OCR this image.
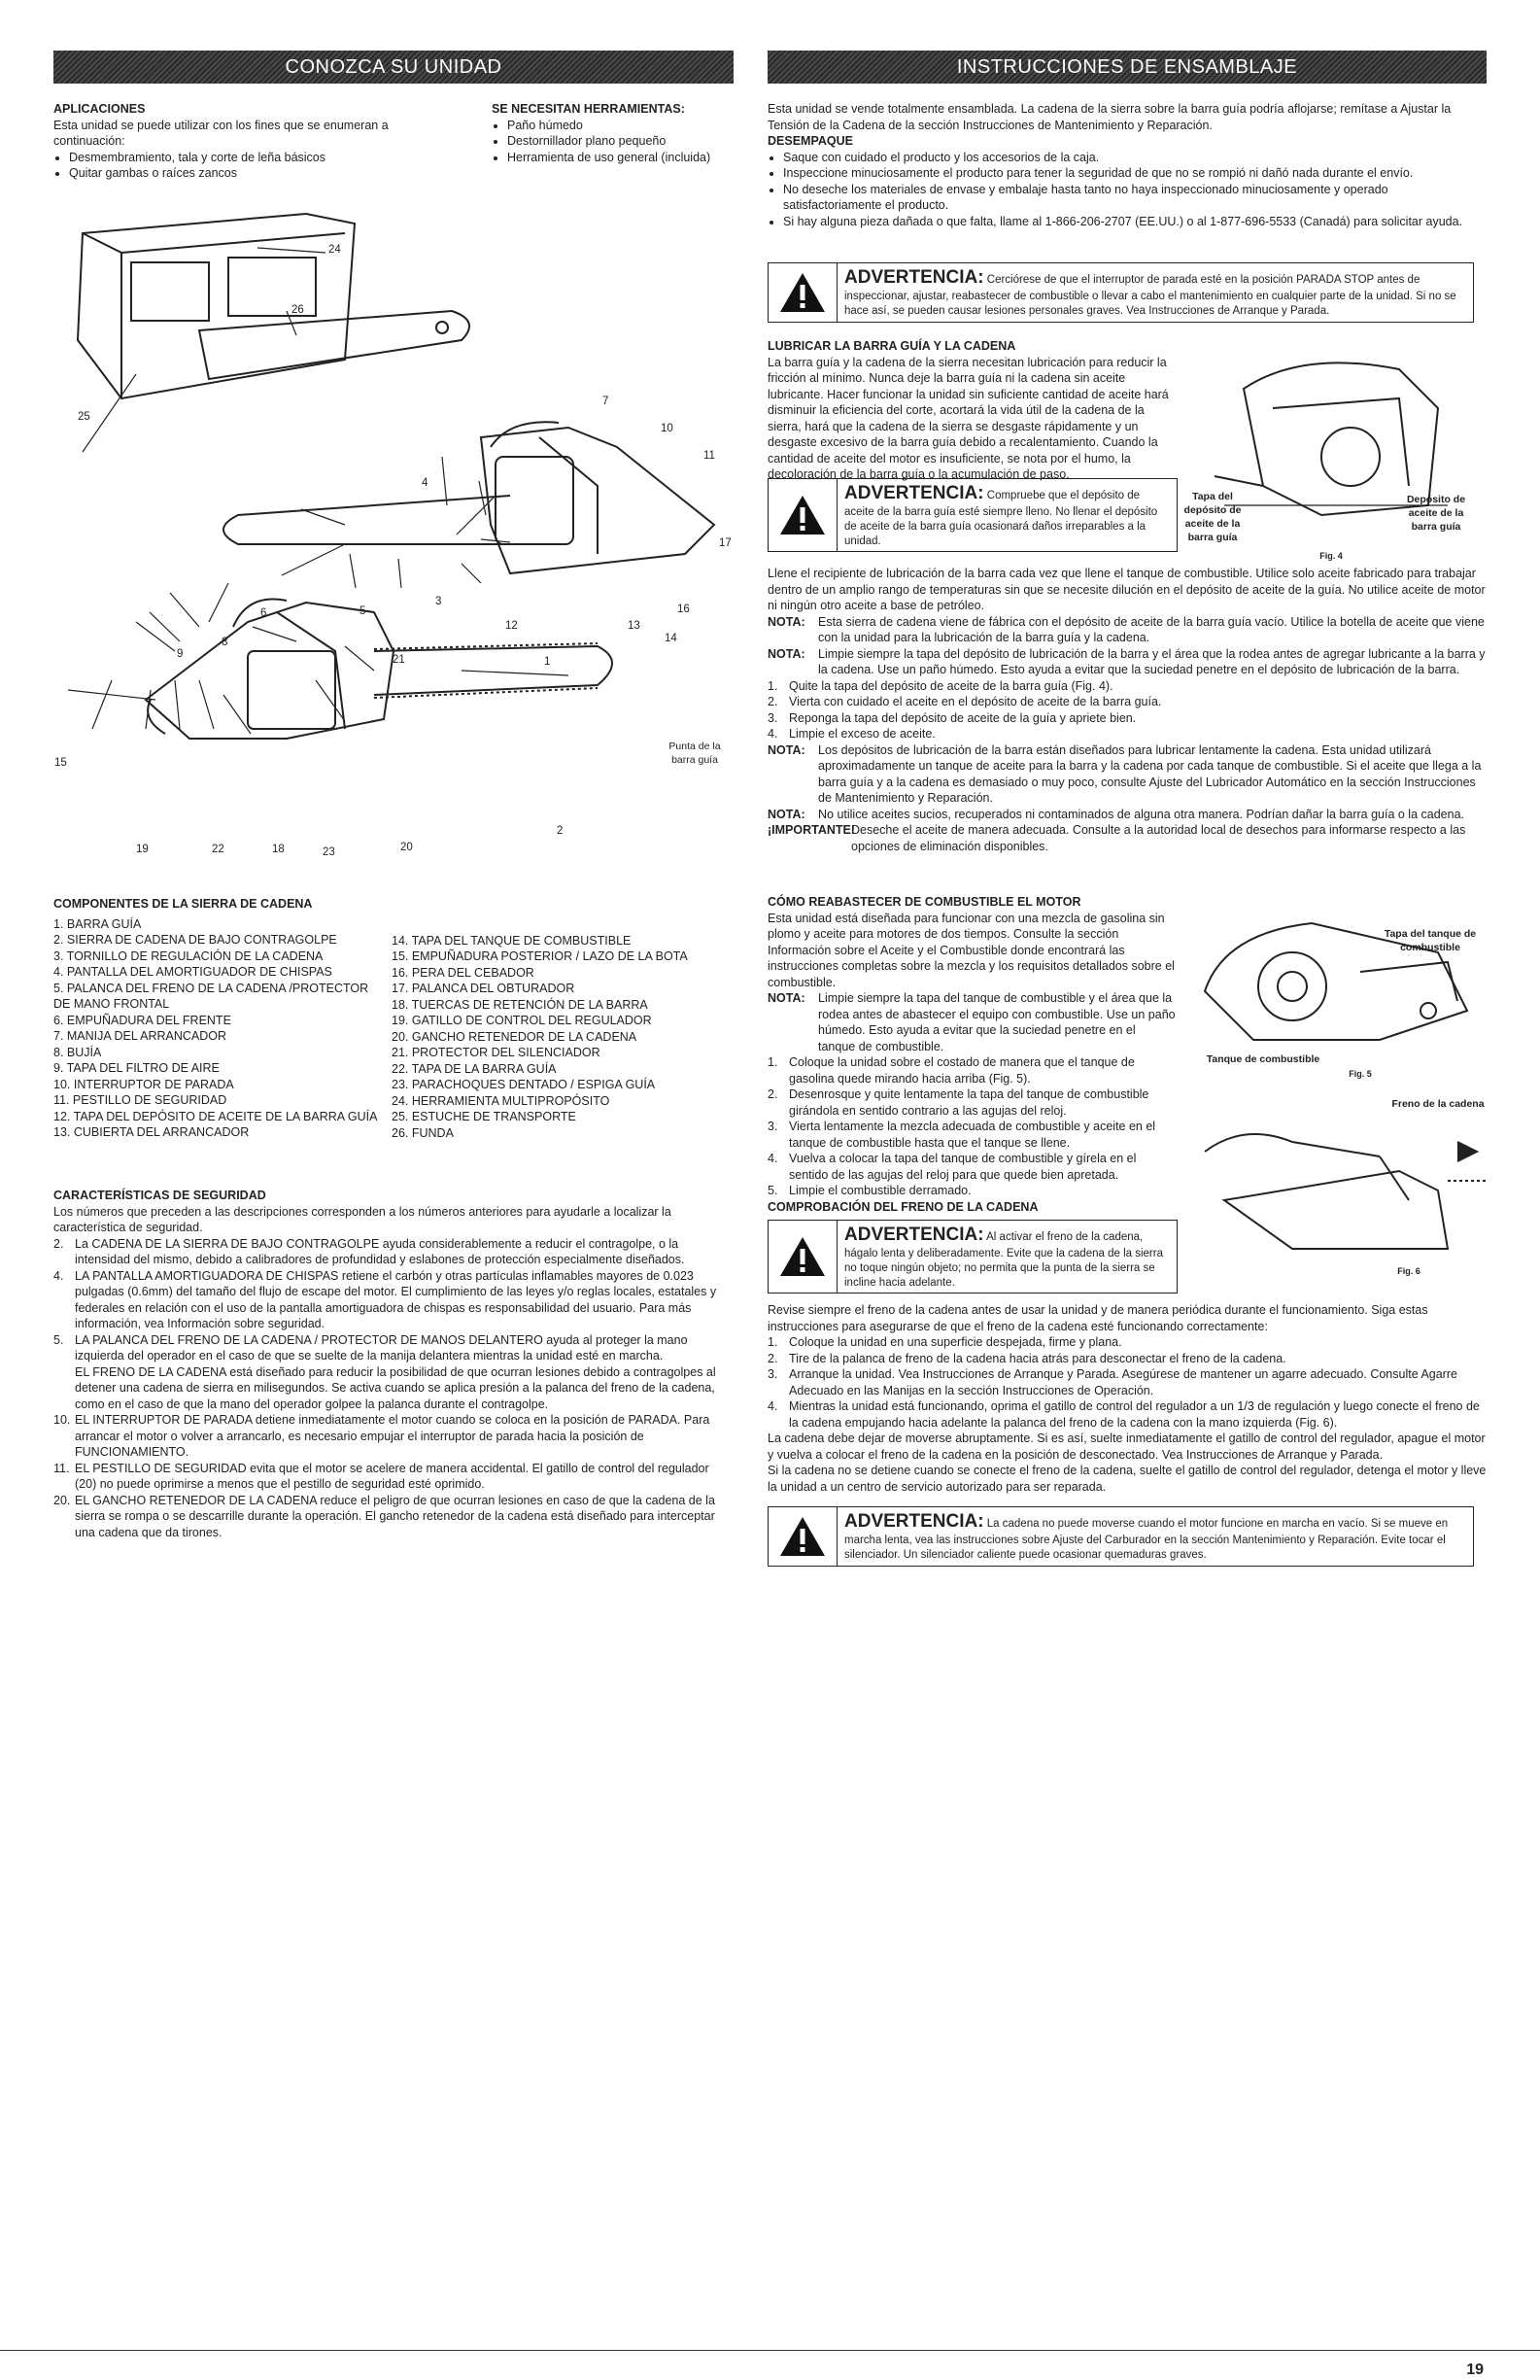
CONOZCA SU UNIDAD
APLICACIONES

Esta unidad se puede utilizar con los fines que se enumeran a continuación:

• Desmembramiento, tala y corte de leña básicos
• Quitar gambas o raíces zancos
SE NECESITAN HERRAMIENTAS:
• Paño húmedo
• Destornillador plano pequeño
• Herramienta de uso general (incluida)
24
26
25
7
10
11
4
17
3
16
12	13
14
6	5
9
8
21	1
15
19	22	18	23	20
2
Punta de la barra guía
COMPONENTES DE LA SIERRA DE CADENA

1. BARRA GUÍA

2. SIERRA DE CADENA DE BAJO CONTRAGOLPE

3. TORNILLO DE REGULACIÓN DE LA CADENA

4. PANTALLA DEL AMORTIGUADOR DE CHISPAS

5. PALANCA DEL FRENO DE LA CADENA /PROTECTOR DE MANO FRONTAL

6. EMPUÑADURA DEL FRENTE

7. MANIJA DEL ARRANCADOR

8. BUJÍA

9. TAPA DEL FILTRO DE AIRE

10. INTERRUPTOR DE PARADA

11. PESTILLO DE SEGURIDAD

12. TAPA DEL DEPÓSITO DE ACEITE DE LA BARRA GUÍA

13. CUBIERTA DEL ARRANCADOR

14. TAPA DEL TANQUE DE COMBUSTIBLE

15. EMPUÑADURA POSTERIOR / LAZO DE LA BOTA

16. PERA DEL CEBADOR

17. PALANCA DEL OBTURADOR

18. TUERCAS DE RETENCIÓN DE LA BARRA

19. GATILLO DE CONTROL DEL REGULADOR

20. GANCHO RETENEDOR DE LA CADENA

21. PROTECTOR DEL SILENCIADOR

22. TAPA DE LA BARRA GUÍA

23. PARACHOQUES DENTADO / ESPIGA GUÍA

24. HERRAMIENTA MULTIPROPÓSITO

25. ESTUCHE DE TRANSPORTE

26. FUNDA

CARACTERÍSTICAS DE SEGURIDAD

Los números que preceden a las descripciones corresponden a los números anteriores para ayudarle a localizar la característica de seguridad.

2. La CADENA DE LA SIERRA DE BAJO CONTRAGOLPE ayuda considerablemente a reducir el contragolpe, o la intensidad del mismo, debido a calibradores de profundidad y eslabones de protección especialmente diseñados.
4. LA PANTALLA AMORTIGUADORA DE CHISPAS retiene el carbón y otras partículas inflamables mayores de 0.023 pulgadas (0.6mm) del tamaño del flujo de escape del motor. El cumplimiento de las leyes y/o reglas locales, estatales y federales en relación con el uso de la pantalla amortiguadora de chispas es responsabilidad del usuario. Para más información, vea Información sobre seguridad.
5. LA PALANCA DEL FRENO DE LA CADENA / PROTECTOR DE MANOS DELANTERO ayuda al proteger la mano izquierda del operador en el caso de que se suelte de la manija delantera mientras la unidad esté en marcha.
EL FRENO DE LA CADENA está diseñado para reducir la posibilidad de que ocurran lesiones debido a contragolpes al detener una cadena de sierra en milisegundos. Se activa cuando se aplica presión a la palanca del freno de la cadena, como en el caso de que la mano del operador golpee la palanca durante el contragolpe.
10. EL INTERRUPTOR DE PARADA detiene inmediatamente el motor cuando se coloca en la posición de PARADA. Para arrancar el motor o volver a arrancarlo, es necesario empujar el interruptor de parada hacia la posición de FUNCIONAMIENTO.
11. EL PESTILLO DE SEGURIDAD evita que el motor se acelere de manera accidental. El gatillo de control del regulador (20) no puede oprimirse a menos que el pestillo de seguridad esté oprimido.
20. EL GANCHO RETENEDOR DE LA CADENA reduce el peligro de que ocurran lesiones en caso de que la cadena de la sierra se rompa o se descarrille durante la operación. El gancho retenedor de la cadena está diseñado para interceptar una cadena que da tirones.
INSTRUCCIONES DE ENSAMBLAJE

Esta unidad se vende totalmente ensamblada. La cadena de la sierra sobre la barra guía podría aflojarse; remítase a Ajustar la Tensión de la Cadena de la sección Instrucciones de Mantenimiento y Reparación.

DESEMPAQUE
• Saque con cuidado el producto y los accesorios de la caja.
• Inspeccione minuciosamente el producto para tener la seguridad de que no se rompió ni dañó nada durante el envío.
• No deseche los materiales de envase y embalaje hasta tanto no haya inspeccionado minuciosamente y operado satisfactoriamente el producto.
• Si hay alguna pieza dañada o que falta, llame al 1-866-206-2707 (EE.UU.) o al 1-877-696-5533 (Canadá) para solicitar ayuda.
ADVERTENCIA: Cerciórese de que el interruptor de parada esté en la posición PARADA STOP antes de inspeccionar, ajustar, reabastecer de combustible o llevar a cabo el mantenimiento en cualquier parte de la unidad. Si no se hace así, se pueden causar lesiones personales graves. Vea Instrucciones de Arranque y Parada.
LUBRICAR LA BARRA GUÍA Y LA CADENA

La barra guía y la cadena de la sierra necesitan lubricación para reducir la fricción al mínimo. Nunca deje la barra guía ni la cadena sin aceite lubricante. Hacer funcionar la unidad sin suficiente cantidad de aceite hará disminuir la eficiencia del corte, acortará la vida útil de la cadena de la sierra, hará que la cadena de la sierra se desgaste rápidamente y un desgaste excesivo de la barra guía debido a recalentamiento. Cuando la cantidad de aceite del motor es insuficiente, se nota por el humo, la decoloración de la barra guía o la acumulación de paso.

Tapa del depósito de aceite de la barra guía
Depósito de aceite de la barra guía
Fig. 4
ADVERTENCIA: Compruebe que el depósito de aceite de la barra guía esté siempre lleno. No llenar el depósito de aceite de la barra guía ocasionará daños irreparables a la unidad.

Llene el recipiente de lubricación de la barra cada vez que llene el tanque de combustible. Utilice solo aceite fabricado para trabajar dentro de un amplio rango de temperaturas sin que se necesite dilución en el depósito de aceite de la guía. No utilice aceite de motor ni ningún otro aceite a base de petróleo.

NOTA: Esta sierra de cadena viene de fábrica con el depósito de aceite de la barra guía vacío. Utilice la botella de aceite que viene con la unidad para la lubricación de la barra guía y la cadena.
NOTA: Limpie siempre la tapa del depósito de lubricación de la barra y el área que la rodea antes de agregar lubricante a la barra y la cadena. Use un paño húmedo. Esto ayuda a evitar que la suciedad penetre en el depósito de lubricación de la barra.
1. Quite la tapa del depósito de aceite de la barra guía (Fig. 4).
2. Vierta con cuidado el aceite en el depósito de aceite de la barra guía.
3. Reponga la tapa del depósito de aceite de la guía y apriete bien.
4. Limpie el exceso de aceite.
NOTA: Los depósitos de lubricación de la barra están diseñados para lubricar lentamente la cadena. Esta unidad utilizará aproximadamente un tanque de aceite para la barra y la cadena por cada tanque de combustible. Si el aceite que llega a la barra guía y a la cadena es demasiado o muy poco, consulte Ajuste del Lubricador Automático en la sección Instrucciones de Mantenimiento y Reparación.
NOTA: No utilice aceites sucios, recuperados ni contaminados de alguna otra manera. Podrían dañar la barra guía o la cadena.
¡IMPORTANTE!
Deseche el aceite de manera adecuada. Consulte a la autoridad local de desechos para informarse respecto a las opciones de eliminación disponibles.
CÓMO REABASTECER DE COMBUSTIBLE EL MOTOR

Esta unidad está diseñada para funcionar con una mezcla de gasolina sin plomo y aceite para motores de dos tiempos. Consulte la sección Información sobre el Aceite y el Combustible donde encontrará las instrucciones completas sobre la mezcla y los requisitos detallados sobre el combustible.

NOTA: Limpie siempre la tapa del tanque de combustible y el área que la rodea antes de abastecer el equipo con combustible. Use un paño húmedo. Esto ayuda a evitar que la suciedad penetre en el tanque de combustible.
1. Coloque la unidad sobre el costado de manera que el tanque de gasolina quede mirando hacia arriba (Fig. 5).
2. Desenrosque y quite lentamente la tapa del tanque de combustible girándola en sentido contrario a las agujas del reloj.
3. Vierta lentamente la mezcla adecuada de combustible y aceite en el tanque de combustible hasta que el tanque se llene.
4. Vuelva a colocar la tapa del tanque de combustible y gírela en el sentido de las agujas del reloj para que quede bien apretada.
5. Limpie el combustible derramado.
COMPROBACIÓN DEL FRENO DE LA CADENA
Tapa del tanque de combustible
Tanque de combustible
Fig. 5
Freno de la cadena
Fig. 6
ADVERTENCIA: Al activar el freno de la cadena, hágalo lenta y deliberadamente. Evite que la cadena de la sierra no toque ningún objeto; no permita que la punta de la sierra se incline hacia adelante.

Revise siempre el freno de la cadena antes de usar la unidad y de manera periódica durante el funcionamiento. Siga estas instrucciones para asegurarse de que el freno de la cadena esté funcionando correctamente:

1. Coloque la unidad en una superficie despejada, firme y plana.
2. Tire de la palanca de freno de la cadena hacia atrás para desconectar el freno de la cadena.
3. Arranque la unidad. Vea Instrucciones de Arranque y Parada. Asegúrese de mantener un agarre adecuado. Consulte Agarre Adecuado en las Manijas en la sección Instrucciones de Operación.
4. Mientras la unidad está funcionando, oprima el gatillo de control del regulador a un 1/3 de regulación y luego conecte el freno de la cadena empujando hacia adelante la palanca del freno de la cadena con la mano izquierda (Fig. 6).

La cadena debe dejar de moverse abruptamente. Si es así, suelte inmediatamente el gatillo de control del regulador, apague el motor y vuelva a colocar el freno de la cadena en la posición de desconectado. Vea Instrucciones de Arranque y Parada.

Si la cadena no se detiene cuando se conecte el freno de la cadena, suelte el gatillo de control del regulador, detenga el motor y lleve la unidad a un centro de servicio autorizado para ser reparada.

ADVERTENCIA: La cadena no puede moverse cuando el motor funcione en marcha en vacío. Si se mueve en marcha lenta, vea las instrucciones sobre Ajuste del Carburador en la sección Mantenimiento y Reparación. Evite tocar el silenciador. Un silenciador caliente puede ocasionar quemaduras graves.
19
